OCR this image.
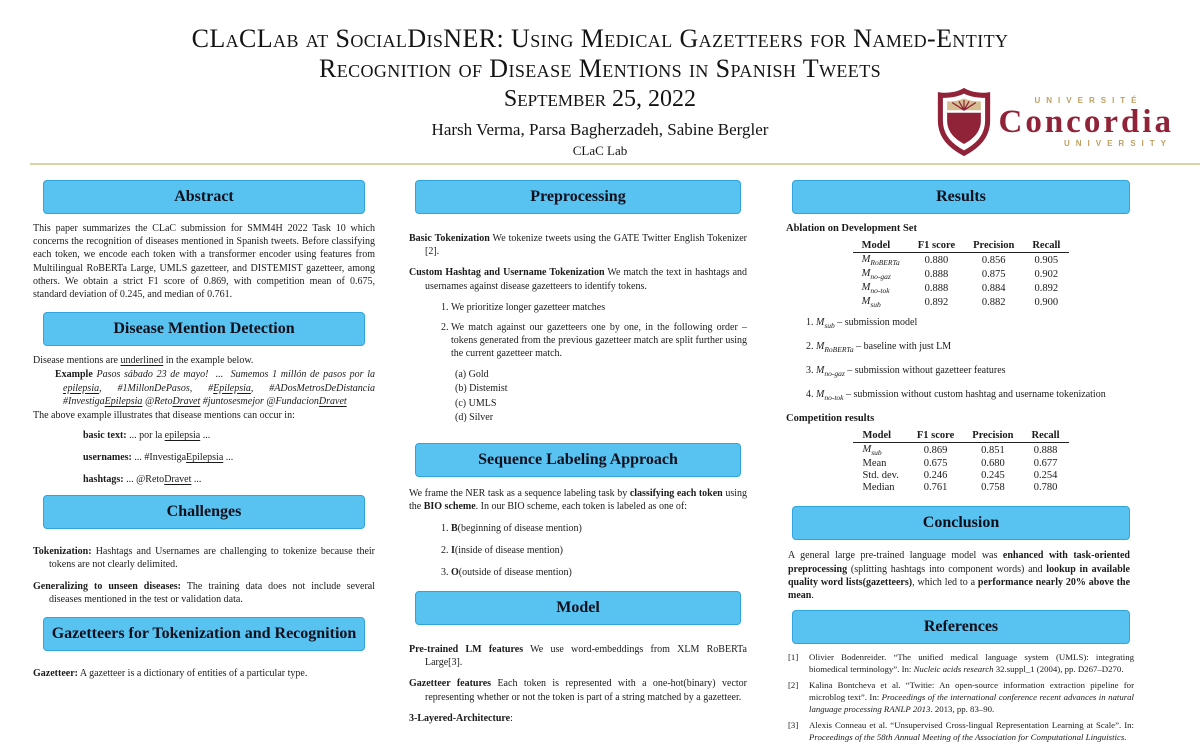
CLaCLab at SocialDisNER: Using Medical Gazetteers for Named-Entity
Recognition of Disease Mentions in Spanish Tweets
September 25, 2022
Harsh Verma, Parsa Bagherzadeh, Sabine Bergler
CLaC Lab
UNIVERSITÉ
Concordia
UNIVERSITY
Abstract

This paper summarizes the CLaC submission for SMM4H 2022 Task 10 which concerns the recognition of diseases mentioned in Spanish tweets. Before classifying each token, we encode each token with a transformer encoder using features from Multilingual RoBERTa Large, UMLS gazetteer, and DISTEMIST gazetteer, among others. We obtain a strict F1 score of 0.869, with competition mean of 0.675, standard deviation of 0.245, and median of 0.761.

Disease Mention Detection

Disease mentions are underlined in the example below.

Example Pasos sábado 23 de mayo!  ...  Sumemos 1 millón de pasos por la epilepsia, #1MillonDePasos, #Epilepsia, #ADosMetrosDeDistancia #InvestigaEpilepsia @RetoDravet #juntosesmejor @FundacionDravet

The above example illustrates that disease mentions can occur in:

basic text: ... por la epilepsia ...
usernames: ... #InvestigaEpilepsia ...
hashtags: ... @RetoDravet ...
Challenges
Tokenization: Hashtags and Usernames are challenging to tokenize because their tokens are not clearly delimited.
Generalizing to unseen diseases: The training data does not include several diseases mentioned in the test or validation data.
Gazetteers for Tokenization and Recognition

Gazetteer: A gazetteer is a dictionary of entities of a particular type.

Preprocessing
Basic Tokenization We tokenize tweets using the GATE Twitter English Tokenizer [2].
Custom Hashtag and Username Tokenization We match the text in hashtags and usernames against disease gazetteers to identify tokens.
1. We prioritize longer gazetteer matches
2. We match against our gazetteers one by one, in the following order – tokens generated from the previous gazetteer match are split further using the current gazetteer match.
(a) Gold
(b) Distemist
(c) UMLS
(d) Silver
Sequence Labeling Approach

We frame the NER task as a sequence labeling task by classifying each token using the BIO scheme. In our BIO scheme, each token is labeled as one of:

1. B(beginning of disease mention)
2. I(inside of disease mention)
3. O(outside of disease mention)
Model
Pre-trained LM features We use word-embeddings from XLM RoBERTa Large[3].
Gazetteer features Each token is represented with a one-hot(binary) vector representing whether or not the token is part of a string matched by a gazetteer.
3-Layered-Architecture:
Results
Ablation on Development Set
Model	F1 score	Precision	Recall
$M_{RoBERTa}$	0.880	0.856	0.905
$M_{no-gaz}$	0.888	0.875	0.902
$M_{no-tok}$	0.888	0.884	0.892
$M_{sub}$	0.892	0.882	0.900
1. $M_{sub}$ – submission model
2. $M_{RoBERTa}$ – baseline with just LM
3. $M_{no-gaz}$ – submission without gazetteer features
4. $M_{no-tok}$ – submission without custom hashtag and username tokenization
Competition results
Model	F1 score	Precision	Recall
$M_{sub}$	0.869	0.851	0.888
Mean	0.675	0.680	0.677
Std. dev.	0.246	0.245	0.254
Median	0.761	0.758	0.780
Conclusion

A general large pre-trained language model was enhanced with task-oriented preprocessing (splitting hashtags into component words) and lookup in available quality word lists(gazetteers), which led to a performance nearly 20% above the mean.

References
[1]	Olivier Bodenreider. “The unified medical language system (UMLS): integrating biomedical terminology”. In: Nucleic acids research 32.suppl_1 (2004), pp. D267–D270.
[2]	Kalina Bontcheva et al. “Twitie: An open-source information extraction pipeline for microblog text”. In: Proceedings of the international conference recent advances in natural language processing RANLP 2013. 2013, pp. 83–90.
[3]	Alexis Conneau et al. “Unsupervised Cross-lingual Representation Learning at Scale”. In: Proceedings of the 58th Annual Meeting of the Association for Computational Linguistics.
